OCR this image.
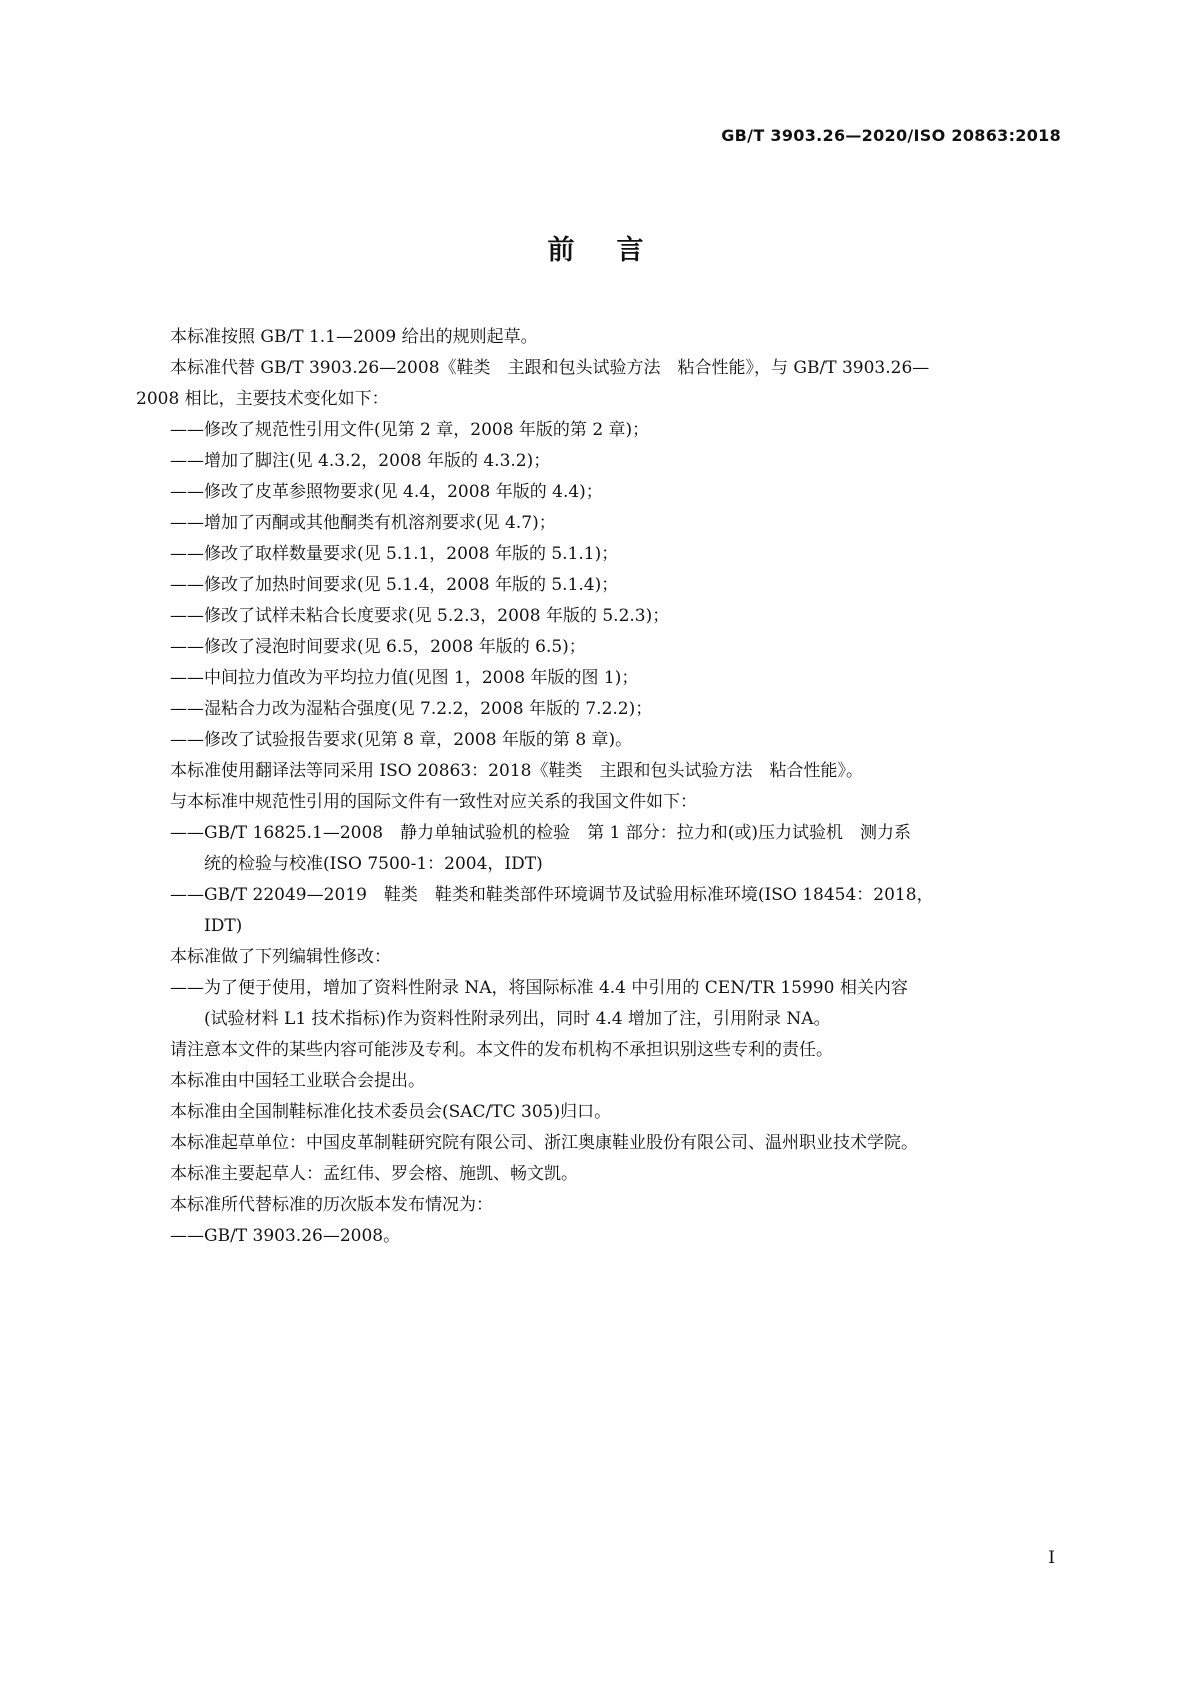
GB/T 3903.26—2020/ISO 20863:2018
前言
本标准按照 GB/T 1.1—2009 给出的规则起草。
本标准代替 GB/T 3903.26—2008《鞋类　主跟和包头试验方法　粘合性能》，与 GB/T 3903.26—
2008 相比，主要技术变化如下：
——修改了规范性引用文件(见第 2 章，2008 年版的第 2 章)；
——增加了脚注(见 4.3.2，2008 年版的 4.3.2)；
——修改了皮革参照物要求(见 4.4，2008 年版的 4.4)；
——增加了丙酮或其他酮类有机溶剂要求(见 4.7)；
——修改了取样数量要求(见 5.1.1，2008 年版的 5.1.1)；
——修改了加热时间要求(见 5.1.4，2008 年版的 5.1.4)；
——修改了试样未粘合长度要求(见 5.2.3，2008 年版的 5.2.3)；
——修改了浸泡时间要求(见 6.5，2008 年版的 6.5)；
——中间拉力值改为平均拉力值(见图 1，2008 年版的图 1)；
——湿粘合力改为湿粘合强度(见 7.2.2，2008 年版的 7.2.2)；
——修改了试验报告要求(见第 8 章，2008 年版的第 8 章)。
本标准使用翻译法等同采用 ISO 20863：2018《鞋类　主跟和包头试验方法　粘合性能》。
与本标准中规范性引用的国际文件有一致性对应关系的我国文件如下：
——GB/T 16825.1—2008　静力单轴试验机的检验　第 1 部分：拉力和(或)压力试验机　测力系
统的检验与校准(ISO 7500-1：2004，IDT)
——GB/T 22049—2019　鞋类　鞋类和鞋类部件环境调节及试验用标准环境(ISO 18454：2018，
IDT)
本标准做了下列编辑性修改：
——为了便于使用，增加了资料性附录 NA，将国际标准 4.4 中引用的 CEN/TR 15990 相关内容
(试验材料 L1 技术指标)作为资料性附录列出，同时 4.4 增加了注，引用附录 NA。
请注意本文件的某些内容可能涉及专利。本文件的发布机构不承担识别这些专利的责任。
本标准由中国轻工业联合会提出。
本标准由全国制鞋标准化技术委员会(SAC/TC 305)归口。
本标准起草单位：中国皮革制鞋研究院有限公司、浙江奥康鞋业股份有限公司、温州职业技术学院。
本标准主要起草人：孟红伟、罗会榕、施凯、畅文凯。
本标准所代替标准的历次版本发布情况为：
——GB/T 3903.26—2008。
I
